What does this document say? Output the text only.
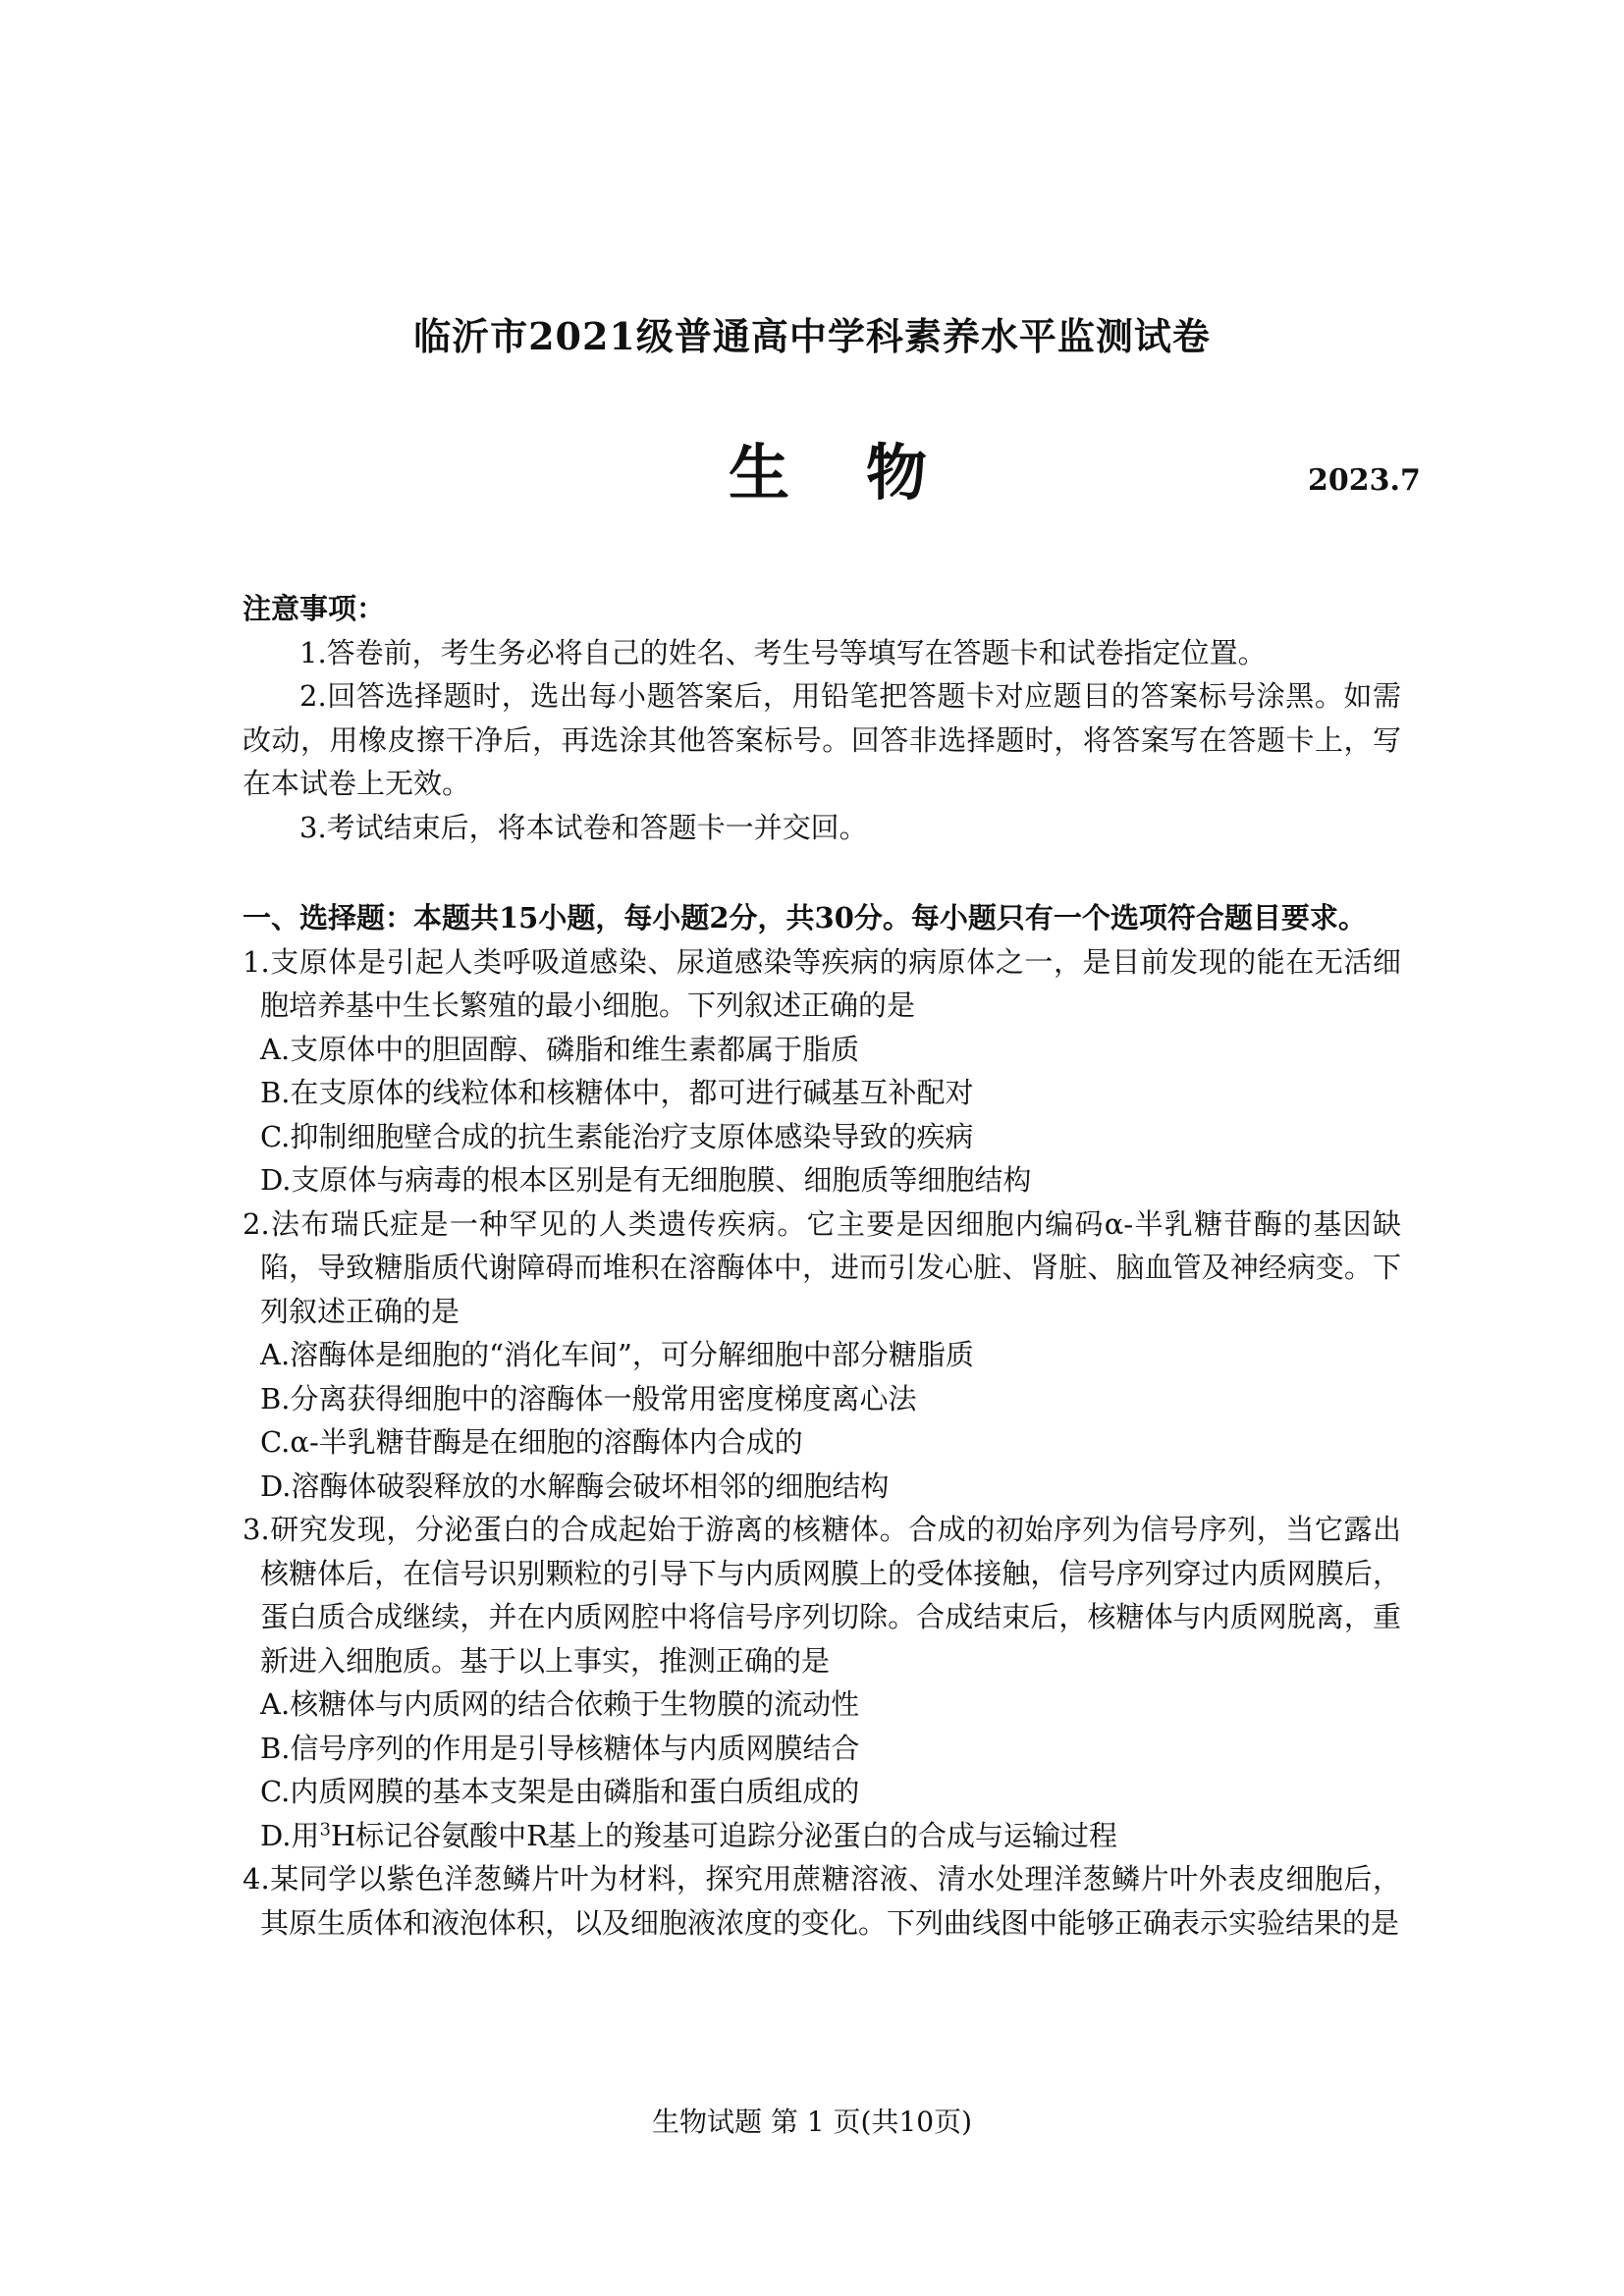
临沂市2021级普通高中学科素养水平监测试卷
生物	2023.7

注意事项：

1.答卷前，考生务必将自己的姓名、考生号等填写在答题卡和试卷指定位置。

2.回答选择题时，选出每小题答案后，用铅笔把答题卡对应题目的答案标号涂黑。如需改动，用橡皮擦干净后，再选涂其他答案标号。回答非选择题时，将答案写在答题卡上，写在本试卷上无效。

3.考试结束后，将本试卷和答题卡一并交回。

一、选择题：本题共15小题，每小题2分，共30分。每小题只有一个选项符合题目要求。

1.支原体是引起人类呼吸道感染、尿道感染等疾病的病原体之一，是目前发现的能在无活细胞培养基中生长繁殖的最小细胞。下列叙述正确的是

A.支原体中的胆固醇、磷脂和维生素都属于脂质

B.在支原体的线粒体和核糖体中，都可进行碱基互补配对

C.抑制细胞壁合成的抗生素能治疗支原体感染导致的疾病

D.支原体与病毒的根本区别是有无细胞膜、细胞质等细胞结构

2.法布瑞氏症是一种罕见的人类遗传疾病。它主要是因细胞内编码α-半乳糖苷酶的基因缺陷，导致糖脂质代谢障碍而堆积在溶酶体中，进而引发心脏、肾脏、脑血管及神经病变。下列叙述正确的是

A.溶酶体是细胞的“消化车间”，可分解细胞中部分糖脂质

B.分离获得细胞中的溶酶体一般常用密度梯度离心法

C.α-半乳糖苷酶是在细胞的溶酶体内合成的

D.溶酶体破裂释放的水解酶会破坏相邻的细胞结构

3.研究发现，分泌蛋白的合成起始于游离的核糖体。合成的初始序列为信号序列，当它露出核糖体后，在信号识别颗粒的引导下与内质网膜上的受体接触，信号序列穿过内质网膜后，蛋白质合成继续，并在内质网腔中将信号序列切除。合成结束后，核糖体与内质网脱离，重新进入细胞质。基于以上事实，推测正确的是

A.核糖体与内质网的结合依赖于生物膜的流动性

B.信号序列的作用是引导核糖体与内质网膜结合

C.内质网膜的基本支架是由磷脂和蛋白质组成的

D.用$^3$H标记谷氨酸中R基上的羧基可追踪分泌蛋白的合成与运输过程

4.某同学以紫色洋葱鳞片叶为材料，探究用蔗糖溶液、清水处理洋葱鳞片叶外表皮细胞后，其原生质体和液泡体积，以及细胞液浓度的变化。下列曲线图中能够正确表示实验结果的是

生物试题 第 1 页(共10页)
